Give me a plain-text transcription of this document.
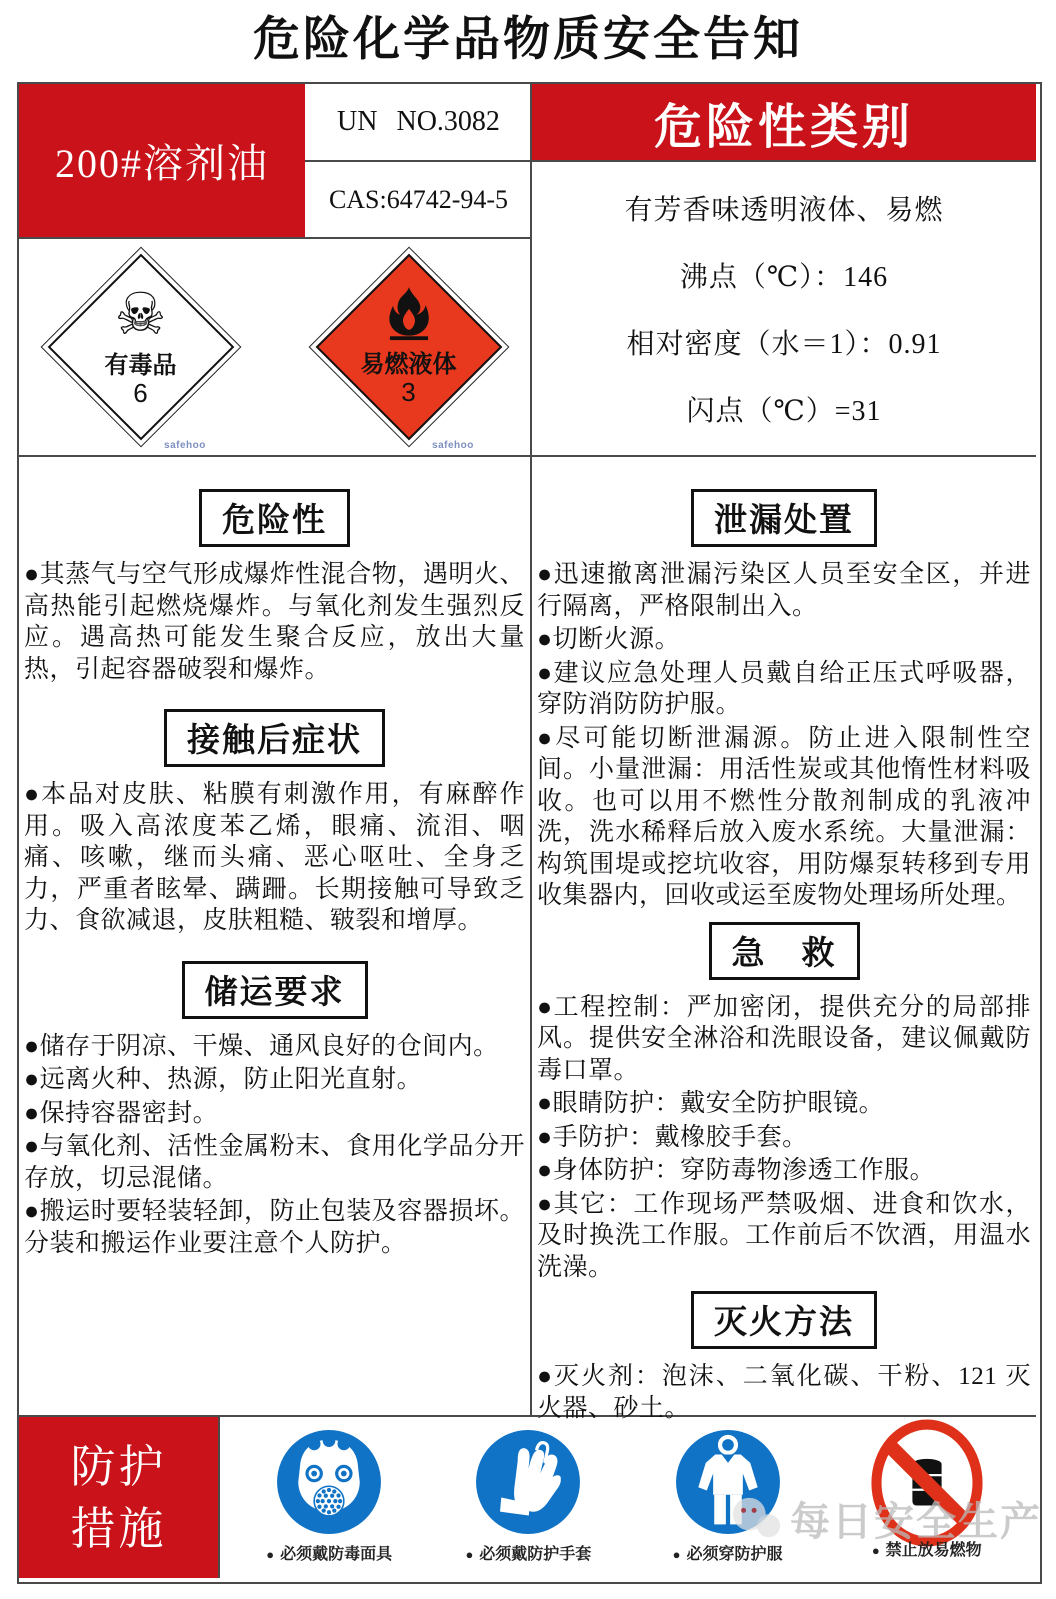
危险化学品物质安全告知
200#溶剂油
UN NO.3082
CAS:64742-94-5
危险性类别
有芳香味透明液体、易燃
沸点（℃）：146
相对密度（水＝1）：0.91
闪点（℃）=31
☠
有毒品
6
safehoo
易燃液体
3
safehoo
危险性

●其蒸气与空气形成爆炸性混合物，遇明火、高热能引起燃烧爆炸。与氧化剂发生强烈反应。遇高热可能发生聚合反应，放出大量热，引起容器破裂和爆炸。

接触后症状

●本品对皮肤、粘膜有刺激作用，有麻醉作用。吸入高浓度苯乙烯，眼痛、流泪、咽痛、咳嗽，继而头痛、恶心呕吐、全身乏力，严重者眩晕、蹒跚。长期接触可导致乏力、食欲减退，皮肤粗糙、皲裂和增厚。

储运要求

●储存于阴凉、干燥、通风良好的仓间内。

●远离火种、热源，防止阳光直射。

●保持容器密封。

●与氧化剂、活性金属粉末、食用化学品分开存放，切忌混储。

●搬运时要轻装轻卸，防止包装及容器损坏。分装和搬运作业要注意个人防护。

泄漏处置

●迅速撤离泄漏污染区人员至安全区，并进行隔离，严格限制出入。

●切断火源。

●建议应急处理人员戴自给正压式呼吸器，穿防消防防护服。

●尽可能切断泄漏源。防止进入限制性空间。小量泄漏：用活性炭或其他惰性材料吸收。也可以用不燃性分散剂制成的乳液冲洗，洗水稀释后放入废水系统。大量泄漏：构筑围堤或挖坑收容，用防爆泵转移到专用收集器内，回收或运至废物处理场所处理。

急　救

●工程控制：严加密闭，提供充分的局部排风。提供安全淋浴和洗眼设备，建议佩戴防毒口罩。

●眼睛防护：戴安全防护眼镜。

●手防护：戴橡胶手套。

●身体防护：穿防毒物渗透工作服。

●其它：工作现场严禁吸烟、进食和饮水，及时换洗工作服。工作前后不饮酒，用温水洗澡。

灭火方法

●灭火剂：泡沫、二氧化碳、干粉、121 灭火器、砂土。

防护
措施
● 必须戴防毒面具	● 必须戴防护手套	● 必须穿防护服	● 禁止放易燃物
每日安全生产
